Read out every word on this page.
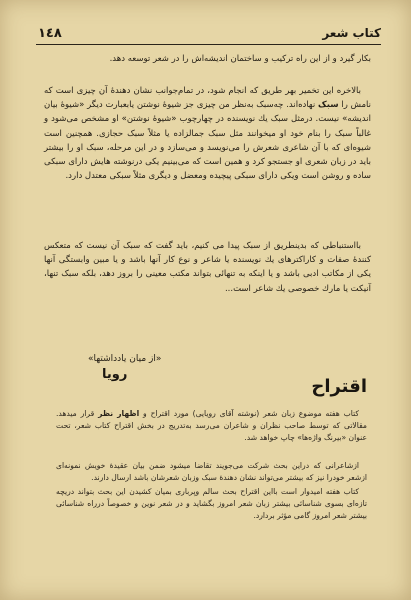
١٤٨	کتاب شعر
بکار گیرد و از این راه ترکیب و ساختمان اندیشه‌اش را در شعر توسعه دهد.
بالاخره این تخمیر بهر طریق که انجام شود، در تمام‌جوانب نشان دهندهٔ آن چیزی است که نامش را سبک نهاده‌اند. چه‌سبک به‌نظر من چیزی جز شیوهٔ نوشتن یابعبارت دیگر «شیوهٔ بیان اندیشه» نیست. درمثل سبک یك نویسنده در چهارچوب «شیوهٔ نوشتن» او مشخص می‌شود و غالباً سبک را بنام خود او میخوانند مثل سبک جمالزاده یا مثلاً سبک حجازی. همچنین است شیوه‌ای که با آن شاعری شعرش را می‌نویسد و می‌سازد و در این مرحله، سبک او را بیشتر باید در زبان شعری او جستجو کرد و همین است که می‌بینیم یکی درنوشته هایش دارای سبکی ساده و روشن است ویکی دارای سبکی پیچیده ومعضل و دیگری مثلاً سبکی معتدل دارد.
بااستنباطی که بدینطریق از سبک پیدا می کنیم، باید گفت که سبک آن نیست که متعکس کنندهٔ صفات و کاراکترهای یك نویسنده یا شاعر و نوع کار آنها باشد و یا مبین وابستگی آنها یکی از مکاتب ادبی باشد و یا اینکه به تنهائی بتواند مکتب معینی را بروز دهد، بلکه سبک تنها، آنیکت یا مارك خصوصی یك شاعر است...
«از میان یادداشتها»
رویا
اقتراح
کتاب هفته موضوع زبان شعر (نوشته آقای رویایی) مورد اقتراح و اظهار نظر قرار میدهد. مقالاتی که توسط صاحب نظران و شاعران می‌رسد به‌تدریج در بخش اقتراح کتاب شعر، تحت عنوان «بیرنگ واژه‌ها» چاپ خواهد شد.
ازشاعرانی که دراین بحث شرکت می‌جویند تقاضا میشود ضمن بیان عقیدهٔ خویش نمونه‌ای ازشعر خودرا نیز که بیشتر می‌تواند نشان دهندهٔ سبک وزبان شعرشان باشد ارسال دارند.
کتاب هفته امیدوار است بااین اقتراح بحث سالم وپرباری بمیان کشیدن این بحث بتواند دریچه تازه‌ای بسوی شناسائی بیشتر زبان شعر امروز بگشاید و در شعر نوین و خصوصاً درراه شناسائی بیشتر شعر امروز گامی مؤثر بردارد.
